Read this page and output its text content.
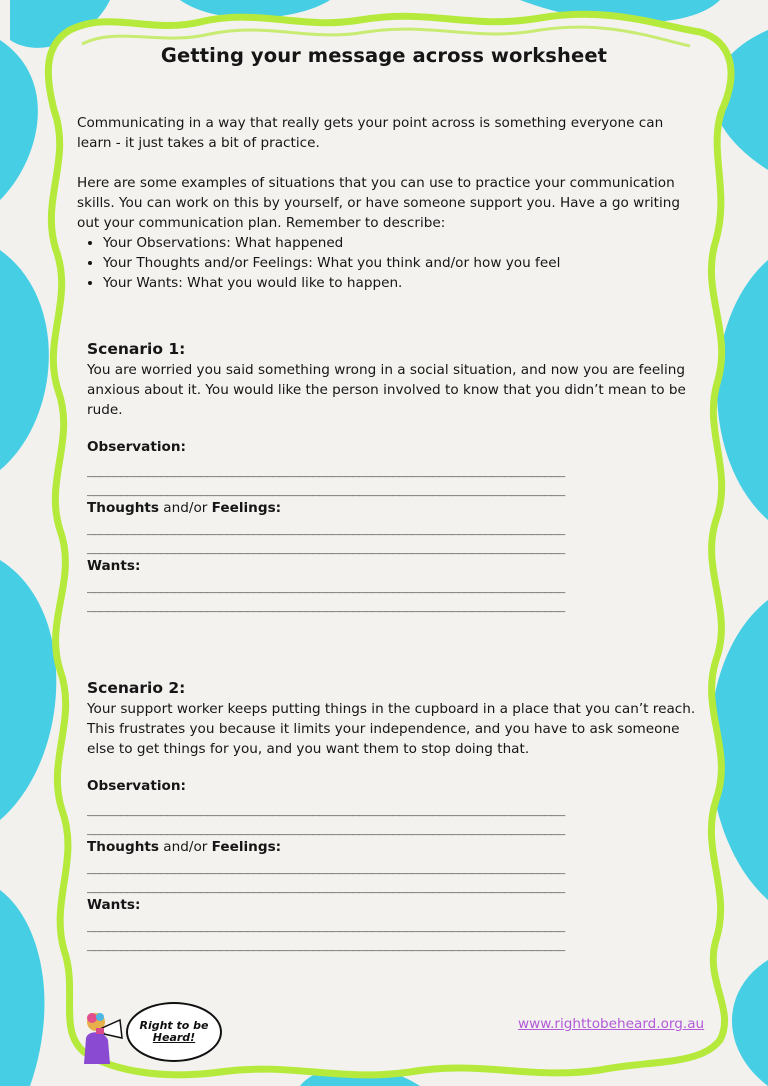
Getting your message across worksheet

Communicating in a way that really gets your point across is something everyone can learn - it just takes a bit of practice.

Here are some examples of situations that you can use to practice your communication skills. You can work on this by yourself, or have someone support you. Have a go writing out your communication plan. Remember to describe:

• Your Observations: What happened
• Your Thoughts and/or Feelings: What you think and/or how you feel
• Your Wants: What you would like to happen.
Scenario 1:

You are worried you said something wrong in a social situation, and now you are feeling anxious about it. You would like the person involved to know that you didn’t mean to be rude.

Observation:

________________________________________________________________________
________________________________________________________________________

Thoughts and/or Feelings:

________________________________________________________________________
________________________________________________________________________

Wants:

________________________________________________________________________
________________________________________________________________________
Scenario 2:

Your support worker keeps putting things in the cupboard in a place that you can’t reach. This frustrates you because it limits your independence, and you have to ask someone else to get things for you, and you want them to stop doing that.

Observation:

________________________________________________________________________
________________________________________________________________________

Thoughts and/or Feelings:

________________________________________________________________________
________________________________________________________________________

Wants:

________________________________________________________________________
________________________________________________________________________
Right to be
Heard!
www.righttobeheard.org.au
